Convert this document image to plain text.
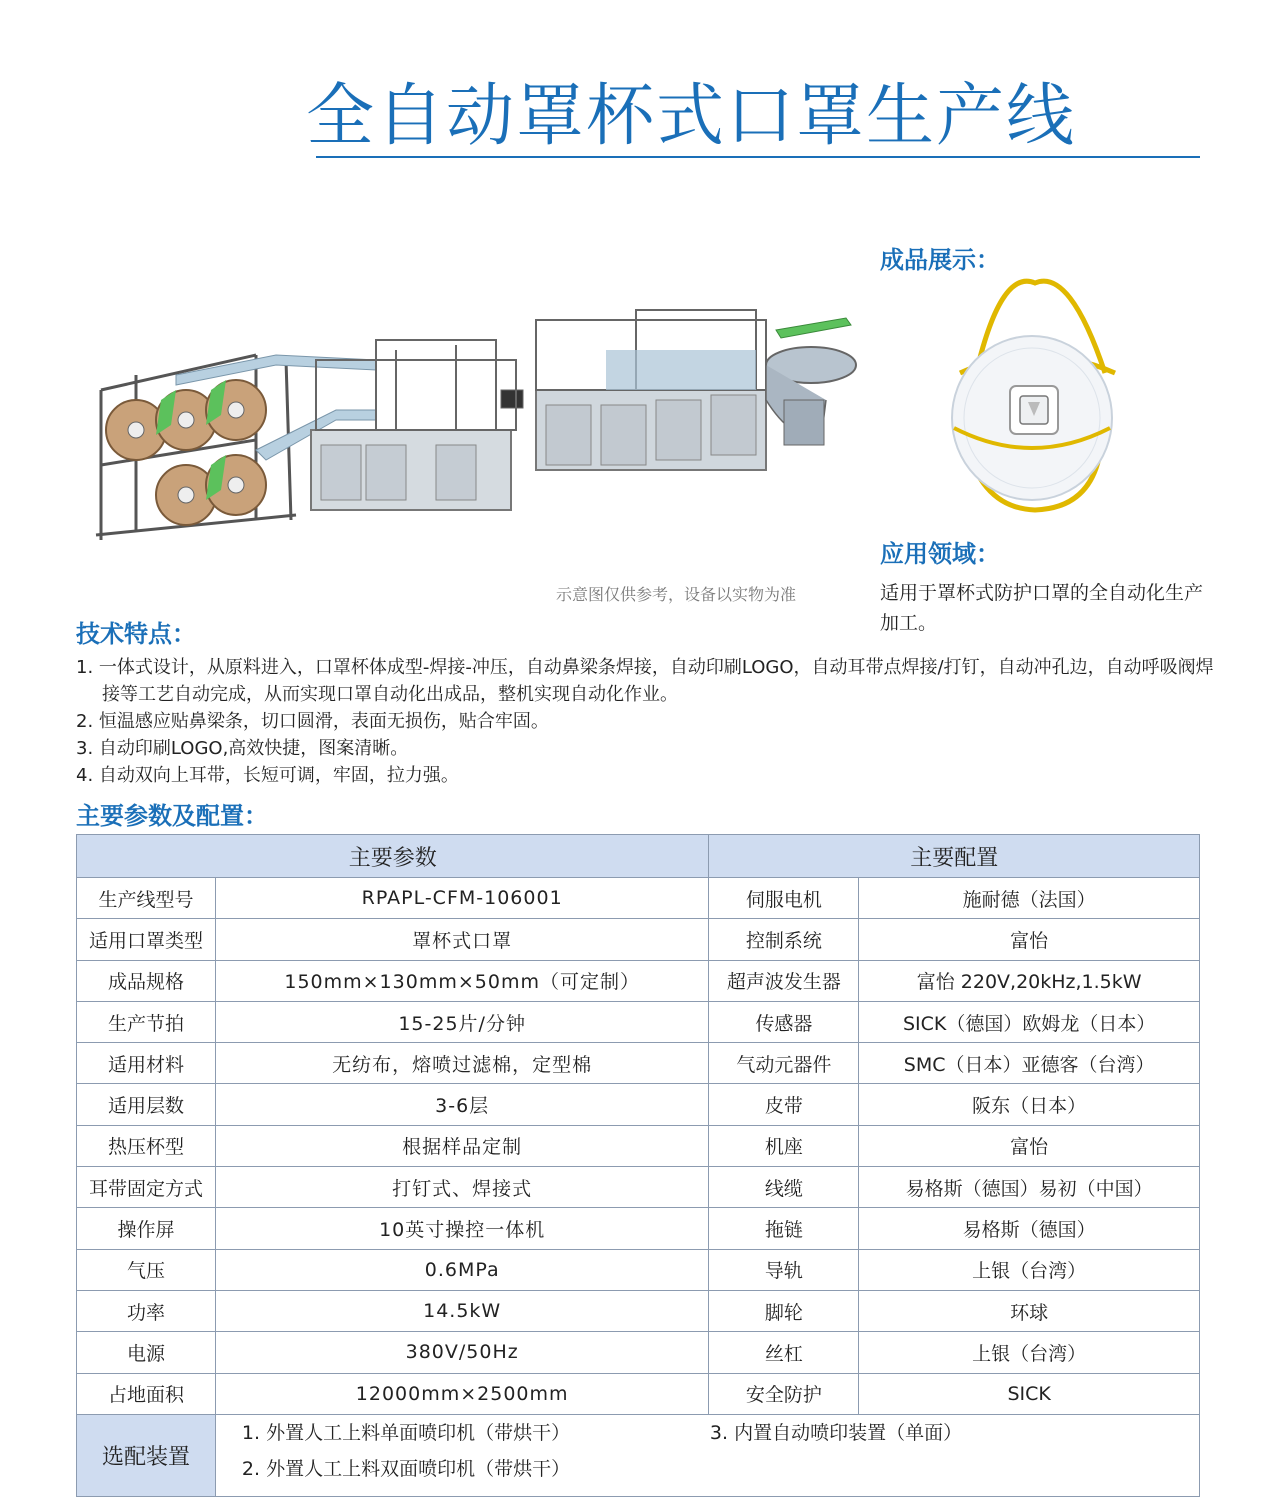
全自动罩杯式口罩生产线
示意图仅供参考，设备以实物为准
成品展示：
应用领域：
适用于罩杯式防护口罩的全自动化生产加工。
技术特点：
1. 一体式设计，从原料进入，口罩杯体成型-焊接-冲压，自动鼻梁条焊接，自动印刷LOGO，自动耳带点焊接/打钉，自动冲孔边，自动呼吸阀焊接等工艺自动完成，从而实现口罩自动化出成品，整机实现自动化作业。
2. 恒温感应贴鼻梁条，切口圆滑，表面无损伤，贴合牢固。
3. 自动印刷LOGO,高效快捷，图案清晰。
4. 自动双向上耳带，长短可调，牢固，拉力强。
主要参数及配置：
主要参数		主要配置	
生产线型号	RPAPL-CFM-106001	伺服电机	施耐德（法国）
适用口罩类型	罩杯式口罩	控制系统	富怡
成品规格	150mm×130mm×50mm（可定制）	超声波发生器	富怡 220V,20kHz,1.5kW
生产节拍	15-25片/分钟	传感器	SICK（德国）欧姆龙（日本）
适用材料	无纺布，熔喷过滤棉，定型棉	气动元器件	SMC（日本）亚德客（台湾）
适用层数	3-6层	皮带	阪东（日本）
热压杯型	根据样品定制	机座	富怡
耳带固定方式	打钉式、焊接式	线缆	易格斯（德国）易初（中国）
操作屏	10英寸操控一体机	拖链	易格斯（德国）
气压	0.6MPa	导轨	上银（台湾）
功率	14.5kW	脚轮	环球
电源	380V/50Hz	丝杠	上银（台湾）
占地面积	12000mm×2500mm	安全防护	SICK
选配装置	1. 外置人工上料单面喷印机（带烘干） 3. 内置自动喷印装置（单面）
2. 外置人工上料双面喷印机（带烘干）		
